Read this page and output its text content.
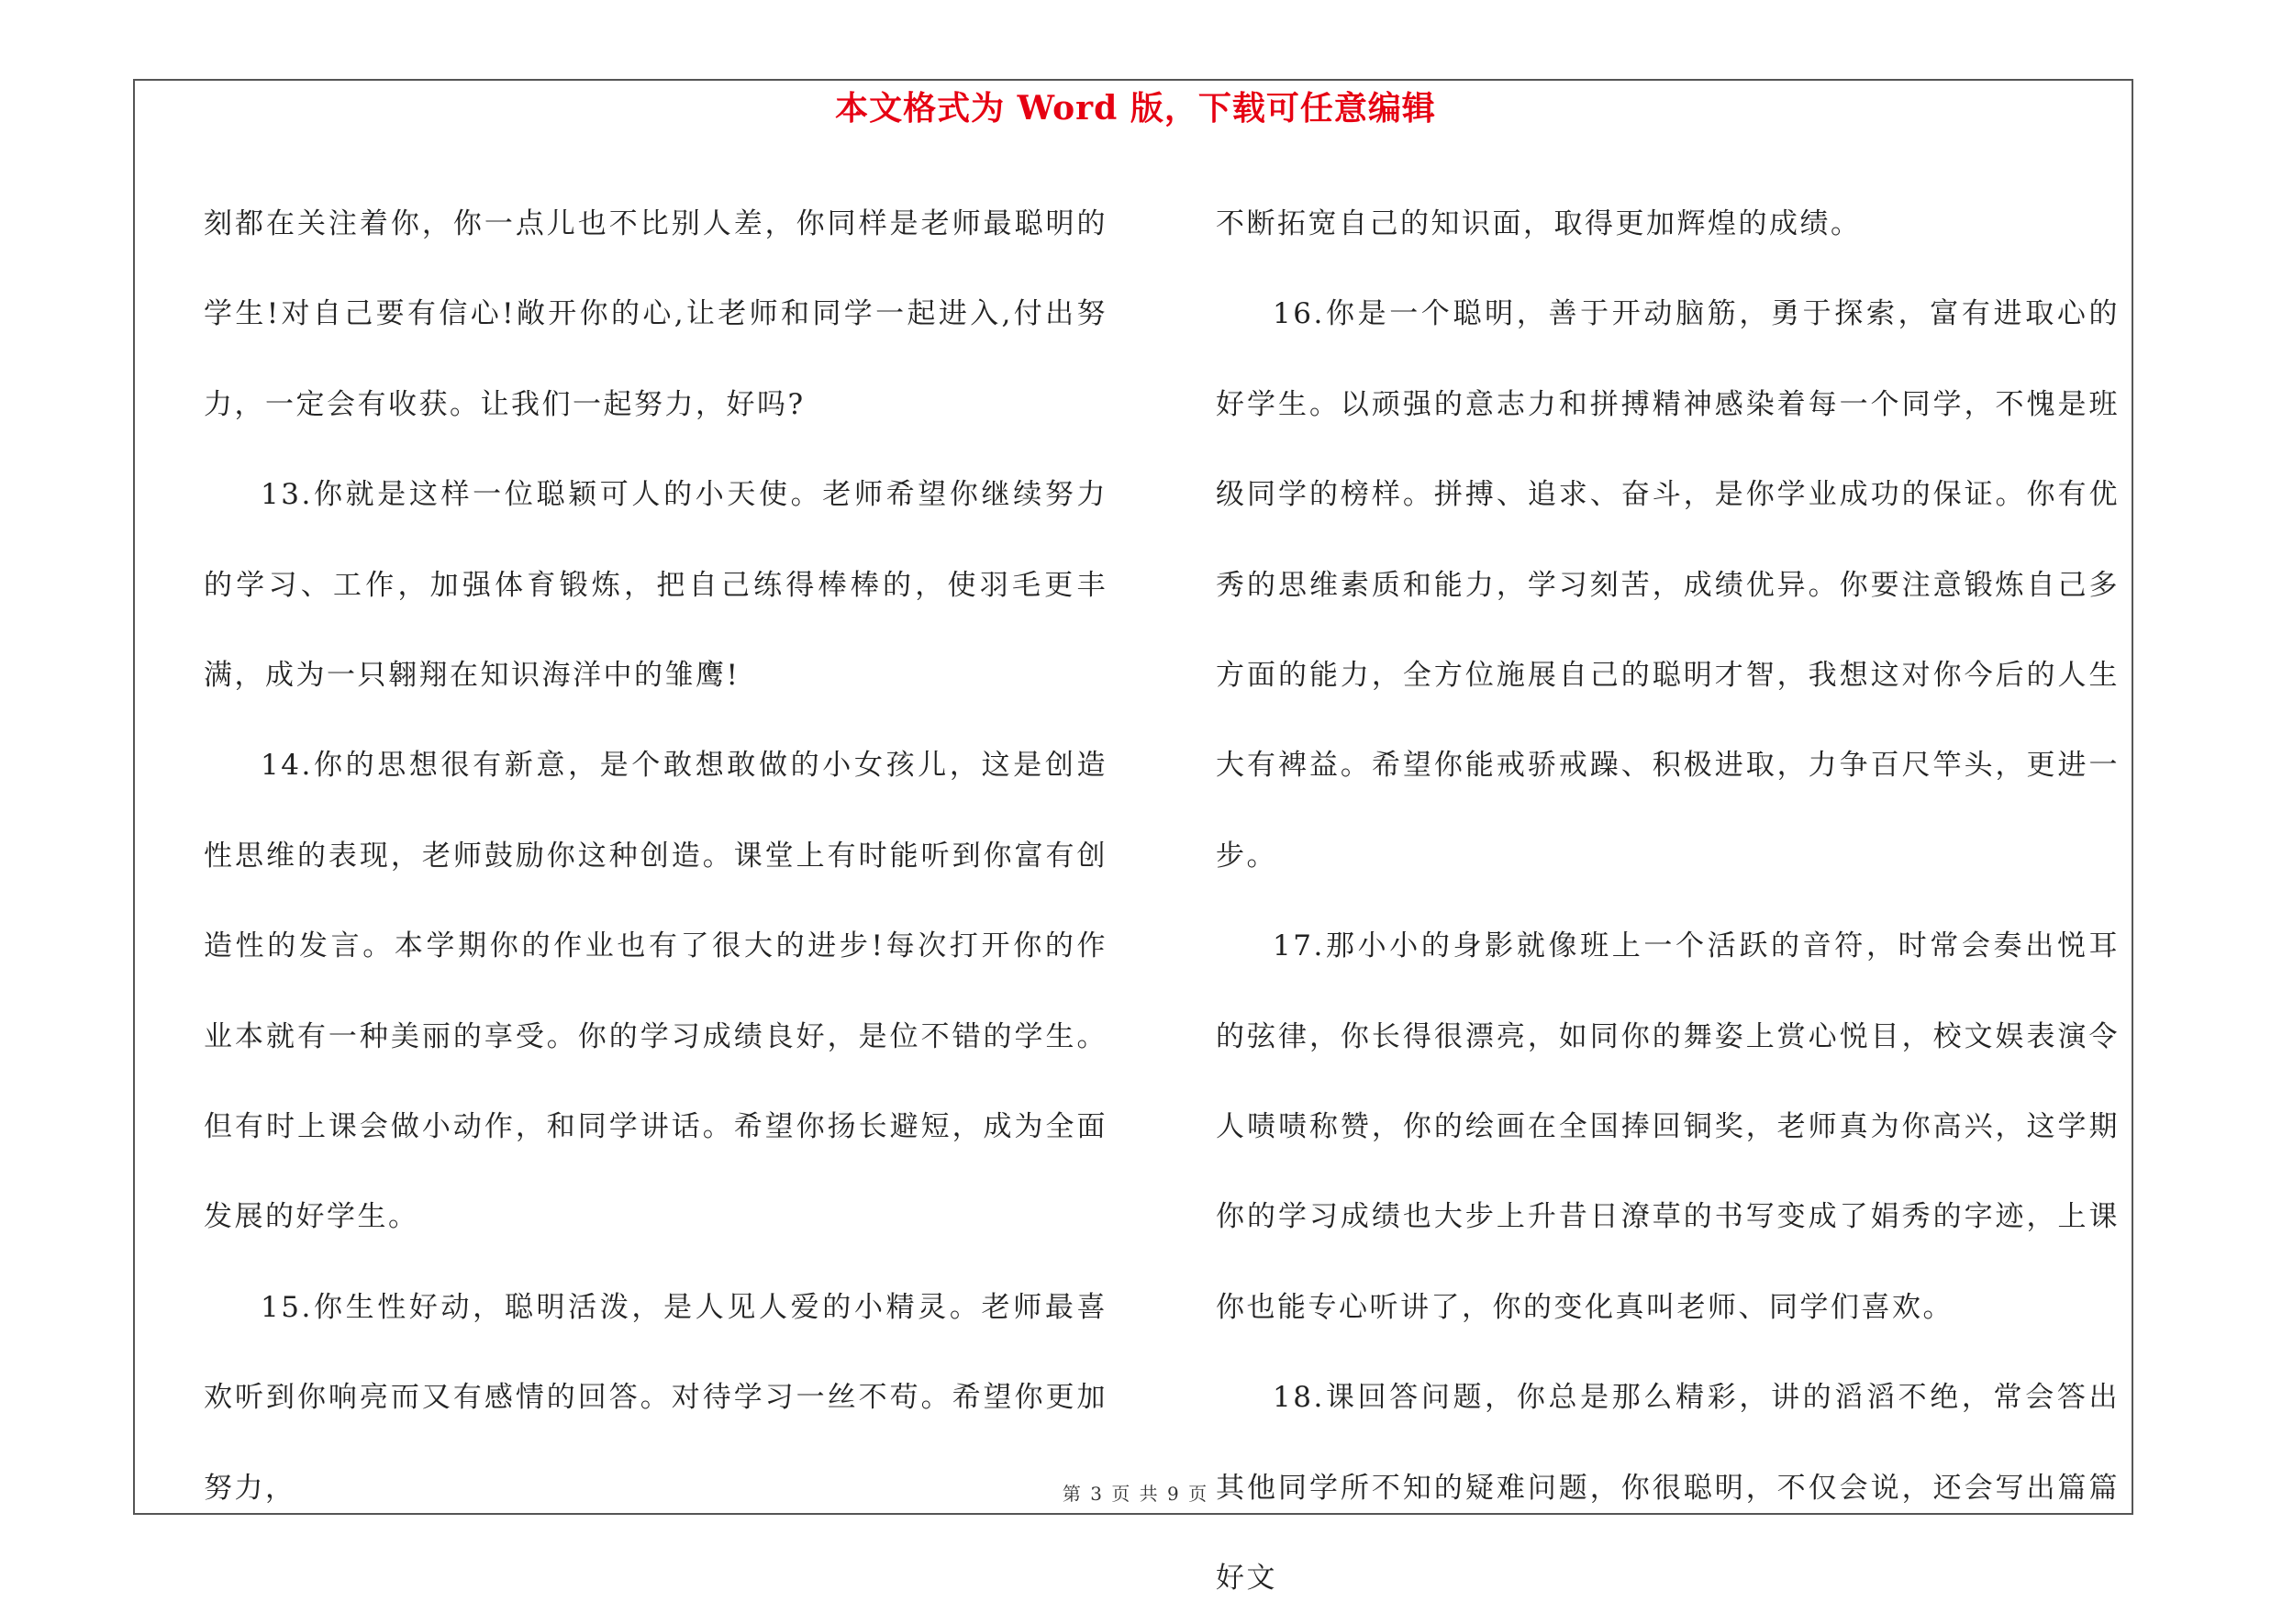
本文格式为 Word 版，下载可任意编辑

刻都在关注着你，你一点儿也不比别人差，你同样是老师最聪明的学生!对自己要有信心!敞开你的心,让老师和同学一起进入,付出努力，一定会有收获。让我们一起努力，好吗?

13.你就是这样一位聪颖可人的小天使。老师希望你继续努力的学习、工作，加强体育锻炼，把自己练得棒棒的，使羽毛更丰满，成为一只翱翔在知识海洋中的雏鹰!

14.你的思想很有新意，是个敢想敢做的小女孩儿，这是创造性思维的表现，老师鼓励你这种创造。课堂上有时能听到你富有创造性的发言。本学期你的作业也有了很大的进步!每次打开你的作业本就有一种美丽的享受。你的学习成绩良好，是位不错的学生。但有时上课会做小动作，和同学讲话。希望你扬长避短，成为全面发展的好学生。

15.你生性好动，聪明活泼，是人见人爱的小精灵。老师最喜欢听到你响亮而又有感情的回答。对待学习一丝不苟。希望你更加努力，

不断拓宽自己的知识面，取得更加辉煌的成绩。

16.你是一个聪明，善于开动脑筋，勇于探索，富有进取心的好学生。以顽强的意志力和拼搏精神感染着每一个同学，不愧是班级同学的榜样。拼搏、追求、奋斗，是你学业成功的保证。你有优秀的思维素质和能力，学习刻苦，成绩优异。你要注意锻炼自己多方面的能力，全方位施展自己的聪明才智，我想这对你今后的人生大有裨益。希望你能戒骄戒躁、积极进取，力争百尺竿头，更进一步。

17.那小小的身影就像班上一个活跃的音符，时常会奏出悦耳的弦律，你长得很漂亮，如同你的舞姿上赏心悦目，校文娱表演令人啧啧称赞，你的绘画在全国捧回铜奖，老师真为你高兴，这学期你的学习成绩也大步上升昔日潦草的书写变成了娟秀的字迹，上课你也能专心听讲了，你的变化真叫老师、同学们喜欢。

18.课回答问题，你总是那么精彩，讲的滔滔不绝，常会答出其他同学所不知的疑难问题，你很聪明，不仅会说，还会写出篇篇好文

第 3 页 共 9 页
